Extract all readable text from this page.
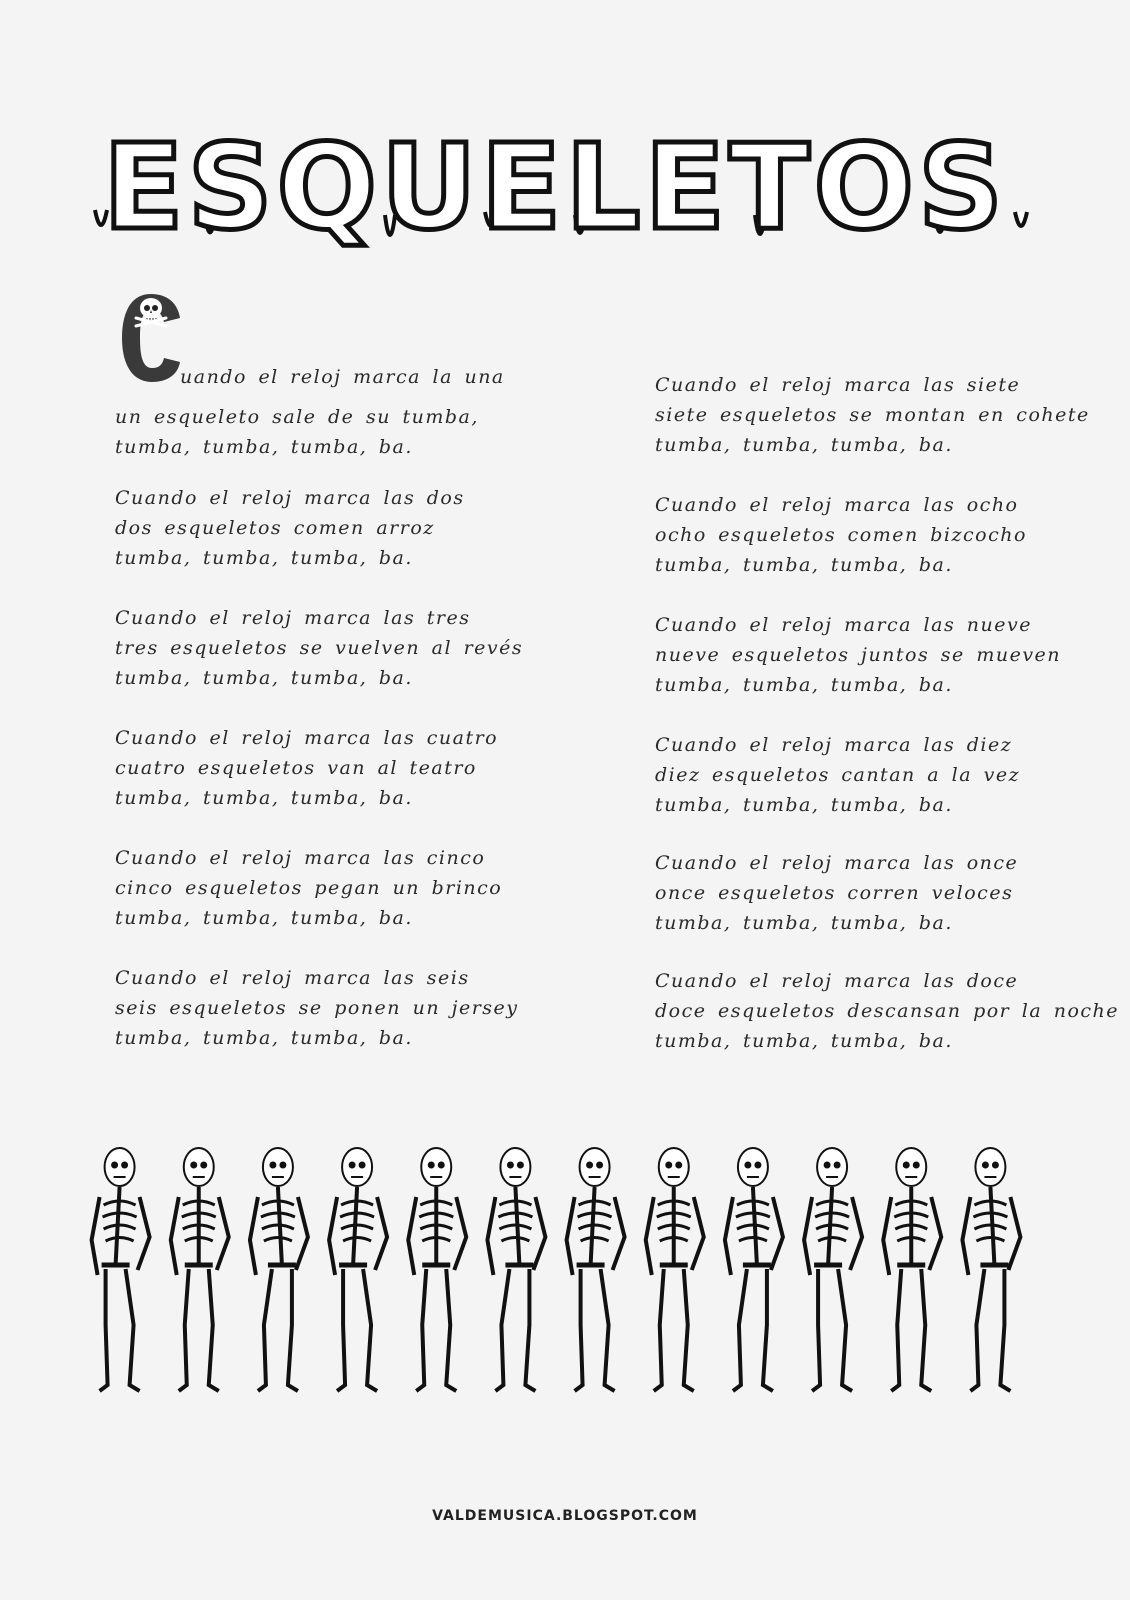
ESQUELETOS
uando el reloj marca la una
un esqueleto sale de su tumba,
tumba, tumba, tumba, ba.
Cuando el reloj marca las dos
dos esqueletos comen arroz
tumba, tumba, tumba, ba.
Cuando el reloj marca las tres
tres esqueletos se vuelven al revés
tumba, tumba, tumba, ba.
Cuando el reloj marca las cuatro
cuatro esqueletos van al teatro
tumba, tumba, tumba, ba.
Cuando el reloj marca las cinco
cinco esqueletos pegan un brinco
tumba, tumba, tumba, ba.
Cuando el reloj marca las seis
seis esqueletos se ponen un jersey
tumba, tumba, tumba, ba.
Cuando el reloj marca las siete
siete esqueletos se montan en cohete
tumba, tumba, tumba, ba.
Cuando el reloj marca las ocho
ocho esqueletos comen bizcocho
tumba, tumba, tumba, ba.
Cuando el reloj marca las nueve
nueve esqueletos juntos se mueven
tumba, tumba, tumba, ba.
Cuando el reloj marca las diez
diez esqueletos cantan a la vez
tumba, tumba, tumba, ba.
Cuando el reloj marca las once
once esqueletos corren veloces
tumba, tumba, tumba, ba.
Cuando el reloj marca las doce
doce esqueletos descansan por la noche
tumba, tumba, tumba, ba.
VALDEMUSICA.BLOGSPOT.COM
